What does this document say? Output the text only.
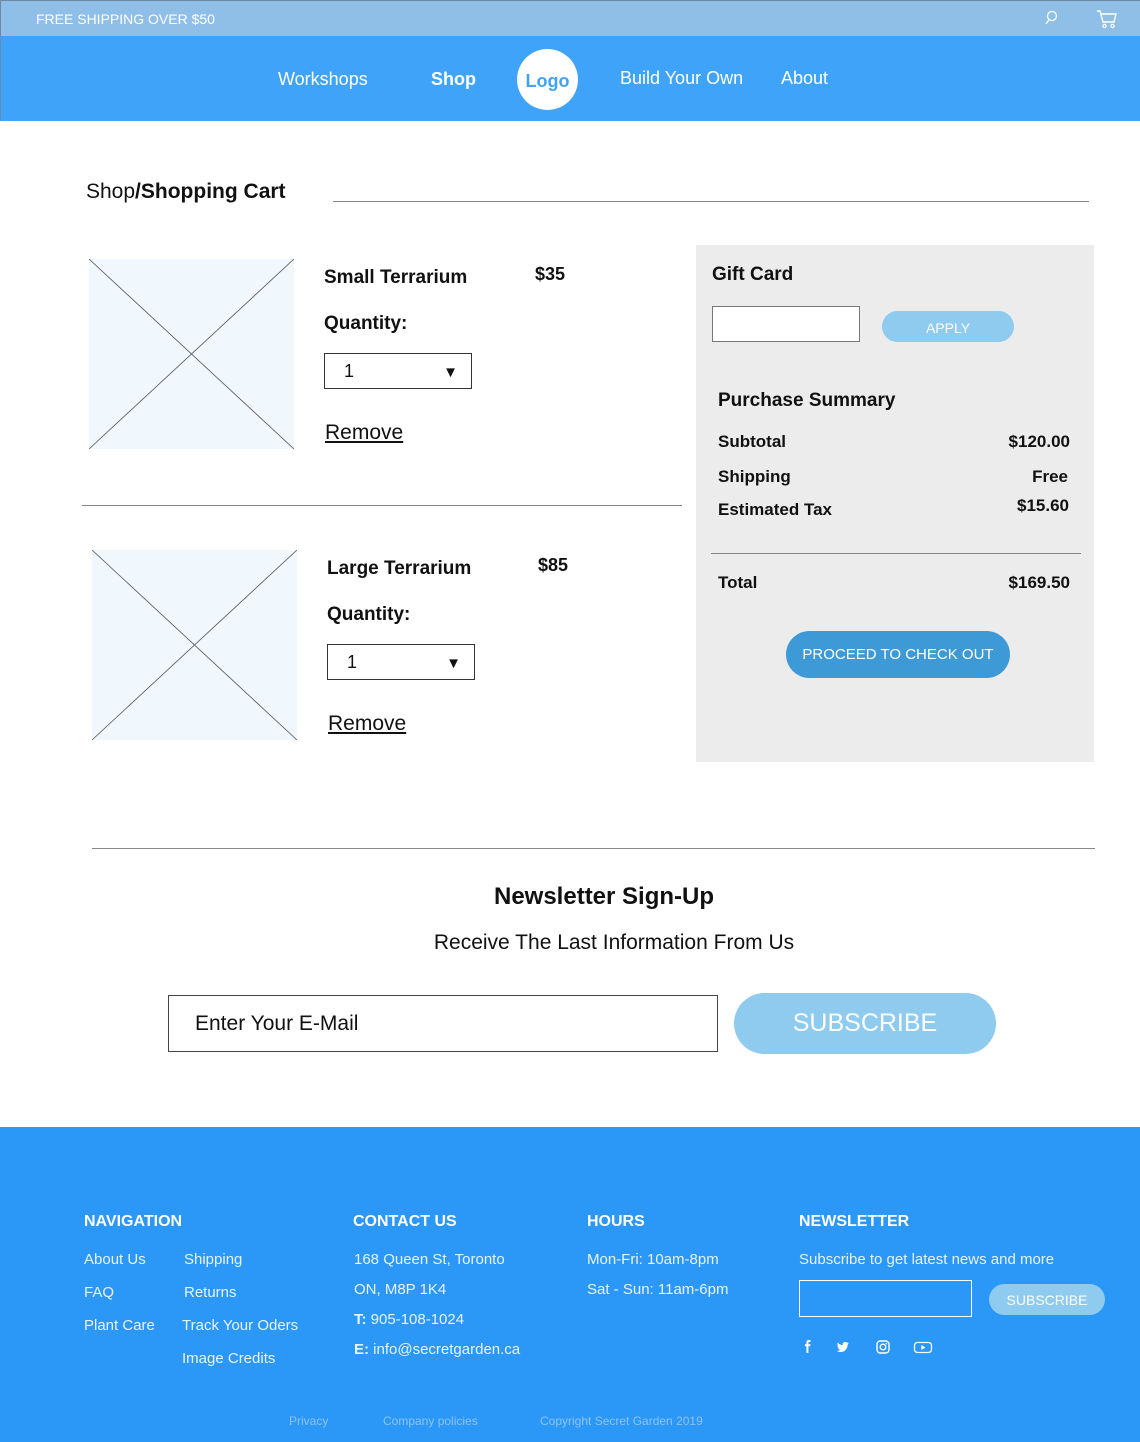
FREE SHIPPING OVER $50
Workshops	Shop	Logo	Build Your Own About
Shop/Shopping Cart
Small Terrarium	$35
Quantity:
1	▼
Remove
Large Terrarium	$85
Quantity:
1	▼
Remove
Gift Card
APPLY
Purchase Summary
Subtotal	$120.00
Shipping	Free
Estimated Tax	$15.60
Total	$169.50
PROCEED TO CHECK OUT
Newsletter Sign-Up
Receive The Last Information From Us
Enter Your E-Mail	SUBSCRIBE
NAVIGATION
About Us
FAQ
Plant Care
Shipping
Returns
Track Your Oders
Image Credits
CONTACT US
168 Queen St, Toronto
ON, M8P 1K4
T: 905-108-1024
E: info@secretgarden.ca
HOURS
Mon-Fri: 10am-8pm
Sat - Sun: 11am-6pm
NEWSLETTER
Subscribe to get latest news and more
SUBSCRIBE
Privacy	Company policies	Copyright Secret Garden 2019
